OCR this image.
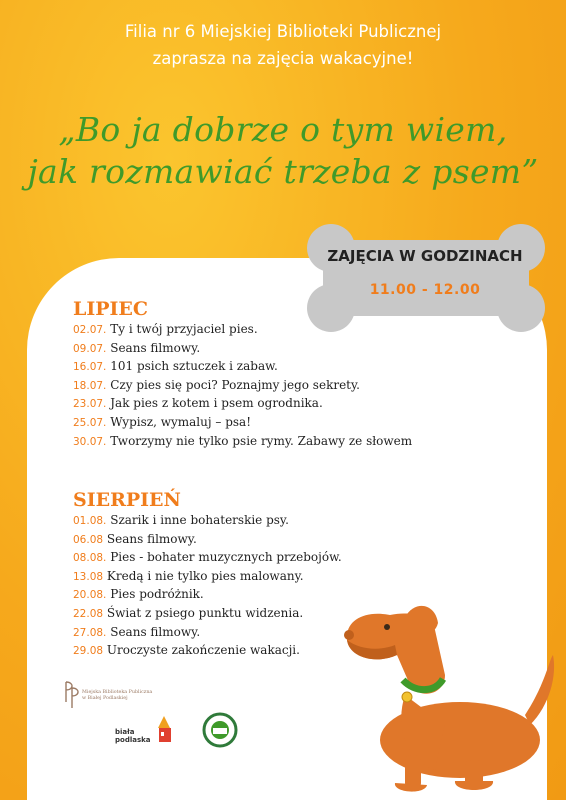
Filia nr 6 Miejskiej Biblioteki Publicznej
zaprasza na zajęcia wakacyjne!
„Bo ja dobrze o tym wiem,
jak rozmawiać trzeba z psem”
ZAJĘCIA W GODZINACH
11.00 - 12.00
LIPIEC
02.07. Ty i twój przyjaciel pies.
09.07. Seans filmowy.
16.07. 101 psich sztuczek i zabaw.
18.07. Czy pies się poci? Poznajmy jego sekrety.
23.07. Jak pies z kotem i psem ogrodnika.
25.07. Wypisz, wymaluj – psa!
30.07. Tworzymy nie tylko psie rymy. Zabawy ze słowem
SIERPIEŃ
01.08. Szarik i inne bohaterskie psy.
06.08 Seans filmowy.
08.08. Pies - bohater muzycznych przebojów.
13.08 Kredą i nie tylko pies malowany.
20.08. Pies podróżnik.
22.08 Świat z psiego punktu widzenia.
27.08. Seans filmowy.
29.08 Uroczyste zakończenie wakacji.
Miejska Biblioteka Publiczna
w Białej Podlaskiej
biała
podlaska
